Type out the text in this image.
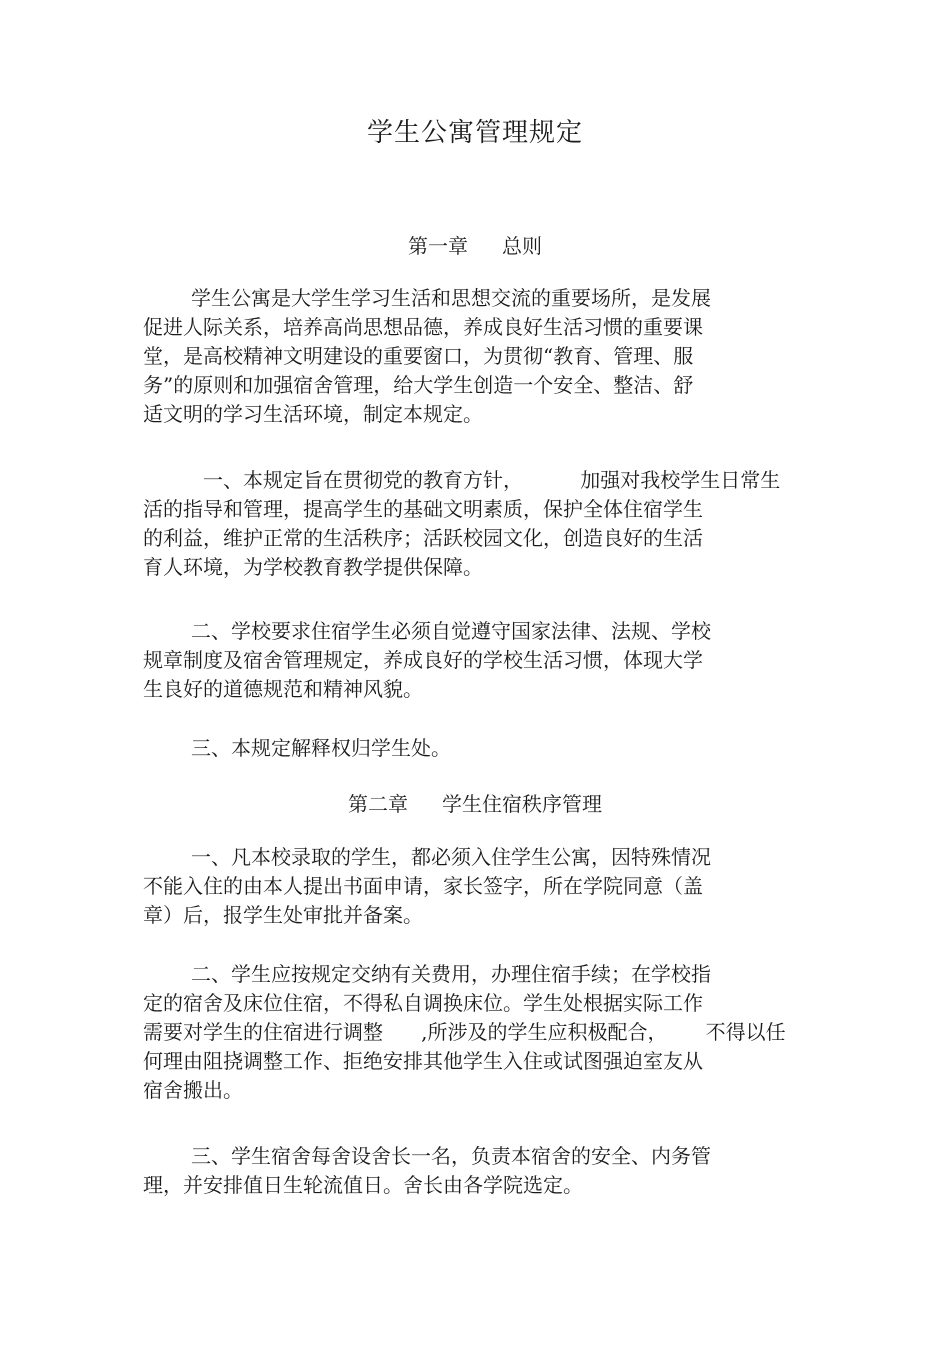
学生公寓管理规定
第一章 总则

学生公寓是大学生学习生活和思想交流的重要场所，是发展
促进人际关系，培养高尚思想品德，养成良好生活习惯的重要课
堂，是高校精神文明建设的重要窗口，为贯彻“教育、管理、服
务”的原则和加强宿舍管理，给大学生创造一个安全、整洁、舒
适文明的学习生活环境，制定本规定。

一、本规定旨在贯彻党的教育方针，         加强对我校学生日常生
活的指导和管理，提高学生的基础文明素质，保护全体住宿学生
的利益，维护正常的生活秩序；活跃校园文化，创造良好的生活
育人环境，为学校教育教学提供保障。

二、学校要求住宿学生必须自觉遵守国家法律、法规、学校
规章制度及宿舍管理规定，养成良好的学校生活习惯，体现大学
生良好的道德规范和精神风貌。

三、本规定解释权归学生处。

第二章 学生住宿秩序管理

一、凡本校录取的学生，都必须入住学生公寓，因特殊情况
不能入住的由本人提出书面申请，家长签字，所在学院同意（盖
章）后，报学生处审批并备案。

二、学生应按规定交纳有关费用，办理住宿手续；在学校指
定的宿舍及床位住宿，不得私自调换床位。学生处根据实际工作
需要对学生的住宿进行调整      ,所涉及的学生应积极配合，      不得以任
何理由阻挠调整工作、拒绝安排其他学生入住或试图强迫室友从
宿舍搬出。

三、学生宿舍每舍设舍长一名，负责本宿舍的安全、内务管
理，并安排值日生轮流值日。舍长由各学院选定。
